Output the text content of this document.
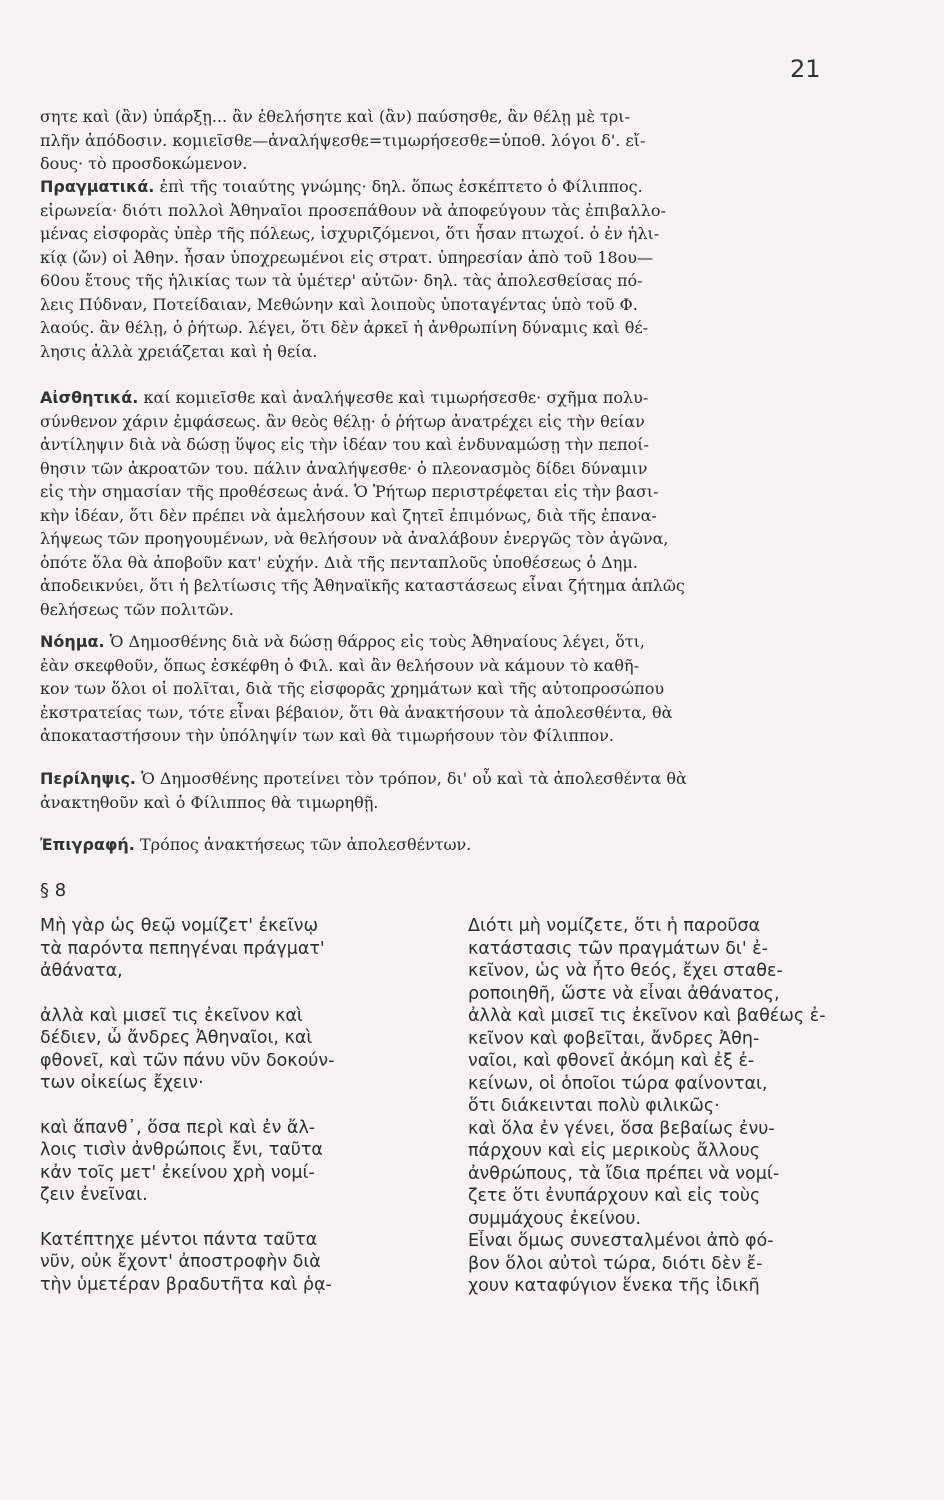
21
σητε καὶ (ἂν) ὑπάρξῃ... ἂν ἐθελήσητε καὶ (ἂν) παύσησθε, ἂν θέλῃ μὲ τρι-
πλῆν ἀπόδοσιν. κομιεῖσθε—ἀναλήψεσθε=τιμωρήσεσθε=ὑποθ. λόγοι δ'. εἴ-
δους· τὸ προσδοκώμενον.
Πραγματικά. ἐπὶ τῆς τοιαύτης γνώμης· δηλ. ὅπως ἐσκέπτετο ὁ Φίλιππος.
εἰρωνεία· διότι πολλοὶ Ἀθηναῖοι προσεπάθουν νὰ ἀποφεύγουν τὰς ἐπιβαλλο-
μένας εἰσφορὰς ὑπὲρ τῆς πόλεως, ἰσχυριζόμενοι, ὅτι ἦσαν πτωχοί. ὁ ἐν ἡλι-
κίᾳ (ὤν) οἱ Ἀθην. ἦσαν ὑποχρεωμένοι εἰς στρατ. ὑπηρεσίαν ἀπὸ τοῦ 18ου—
60ου ἔτους τῆς ἡλικίας των τὰ ὑμέτερ' αὐτῶν· δηλ. τὰς ἀπολεσθείσας πό-
λεις Πύδναν, Ποτείδαιαν, Μεθώνην καὶ λοιποὺς ὑποταγέντας ὑπὸ τοῦ Φ.
λαούς. ἂν θέλῃ, ὁ ῥήτωρ. λέγει, ὅτι δὲν ἀρκεῖ ἡ ἀνθρωπίνη δύναμις καὶ θέ-
λησις ἀλλὰ χρειάζεται καὶ ἡ θεία.
Αἰσθητικά. καί κομιεῖσθε καὶ ἀναλήψεσθε καὶ τιμωρήσεσθε· σχῆμα πολυ-
σύνθενον χάριν ἐμφάσεως. ἂν θεὸς θέλῃ· ὁ ῥήτωρ ἀνατρέχει εἰς τὴν θείαν
ἀντίληψιν διὰ νὰ δώσῃ ὕψος εἰς τὴν ἰδέαν του καὶ ἐνδυναμώσῃ τὴν πεποί-
θησιν τῶν ἀκροατῶν του. πάλιν ἀναλήψεσθε· ὁ πλεονασμὸς δίδει δύναμιν
εἰς τὴν σημασίαν τῆς προθέσεως ἀνά. Ὁ Ῥήτωρ περιστρέφεται εἰς τὴν βασι-
κὴν ἰδέαν, ὅτι δὲν πρέπει νὰ ἀμελήσουν καὶ ζητεῖ ἐπιμόνως, διὰ τῆς ἐπανα-
λήψεως τῶν προηγουμένων, νὰ θελήσουν νὰ ἀναλάβουν ἐνεργῶς τὸν ἀγῶνα,
ὁπότε ὅλα θὰ ἀποβοῦν κατ' εὐχήν. Διὰ τῆς πενταπλοῦς ὑποθέσεως ὁ Δημ.
ἀποδεικνύει, ὅτι ἡ βελτίωσις τῆς Ἀθηναϊκῆς καταστάσεως εἶναι ζήτημα ἁπλῶς
θελήσεως τῶν πολιτῶν.
Νόημα. Ὁ Δημοσθένης διὰ νὰ δώσῃ θάρρος εἰς τοὺς Ἀθηναίους λέγει, ὅτι,
ἐὰν σκεφθοῦν, ὅπως ἐσκέφθη ὁ Φιλ. καὶ ἂν θελήσουν νὰ κάμουν τὸ καθῆ-
κον των ὅλοι οἱ πολῖται, διὰ τῆς εἰσφορᾶς χρημάτων καὶ τῆς αὐτοπροσώπου
ἐκστρατείας των, τότε εἶναι βέβαιον, ὅτι θὰ ἀνακτήσουν τὰ ἀπολεσθέντα, θὰ
ἀποκαταστήσουν τὴν ὑπόληψίν των καὶ θὰ τιμωρήσουν τὸν Φίλιππον.
Περίληψις. Ὁ Δημοσθένης προτείνει τὸν τρόπον, δι' οὗ καὶ τὰ ἀπολεσθέντα θὰ
ἀνακτηθοῦν καὶ ὁ Φίλιππος θὰ τιμωρηθῇ.
Ἐπιγραφή. Τρόπος ἀνακτήσεως τῶν ἀπολεσθέντων.
§ 8
Μὴ γὰρ ὡς θεῷ νομίζετ' ἐκεῖνῳ
τὰ παρόντα πεπηγέναι πράγματ'
ἀθάνατα,
ἀλλὰ καὶ μισεῖ τις ἐκεῖνον καὶ
δέδιεν, ὦ ἄνδρες Ἀθηναῖοι, καὶ
φθονεῖ, καὶ τῶν πάνυ νῦν δοκούν-
των οἰκείως ἔχειν·
καὶ ἅπανθ᾽, ὅσα περὶ καὶ ἐν ἄλ-
λοις τισὶν ἀνθρώποις ἔνι, ταῦτα
κἀν τοῖς μετ' ἐκείνου χρὴ νομί-
ζειν ἐνεῖναι.
Κατέπτηχε μέντοι πάντα ταῦτα
νῦν, οὐκ ἔχοντ' ἀποστροφὴν διὰ
τὴν ὑμετέραν βραδυτῆτα καὶ ῥᾳ-
Διότι μὴ νομίζετε, ὅτι ἡ παροῦσα
κατάστασις τῶν πραγμάτων δι' ἐ-
κεῖνον, ὡς νὰ ἦτο θεός, ἔχει σταθε-
ροποιηθῆ, ὥστε νὰ εἶναι ἀθάνατος,
ἀλλὰ καὶ μισεῖ τις ἐκεῖνον καὶ βαθέως ἐ-
κεῖνον καὶ φοβεῖται, ἄνδρες Ἀθη-
ναῖοι, καὶ φθονεῖ ἀκόμη καὶ ἐξ ἐ-
κείνων, οἱ ὁποῖοι τώρα φαίνονται,
ὅτι διάκεινται πολὺ φιλικῶς·
καὶ ὅλα ἐν γένει, ὅσα βεβαίως ἐνυ-
πάρχουν καὶ εἰς μερικοὺς ἄλλους
ἀνθρώπους, τὰ ἴδια πρέπει νὰ νομί-
ζετε ὅτι ἐνυπάρχουν καὶ εἰς τοὺς
συμμάχους ἐκείνου.
Εἶναι ὅμως συνεσταλμένοι ἀπὸ φό-
βον ὅλοι αὐτοὶ τώρα, διότι δὲν ἔ-
χουν καταφύγιον ἕνεκα τῆς ἰδικῆ
